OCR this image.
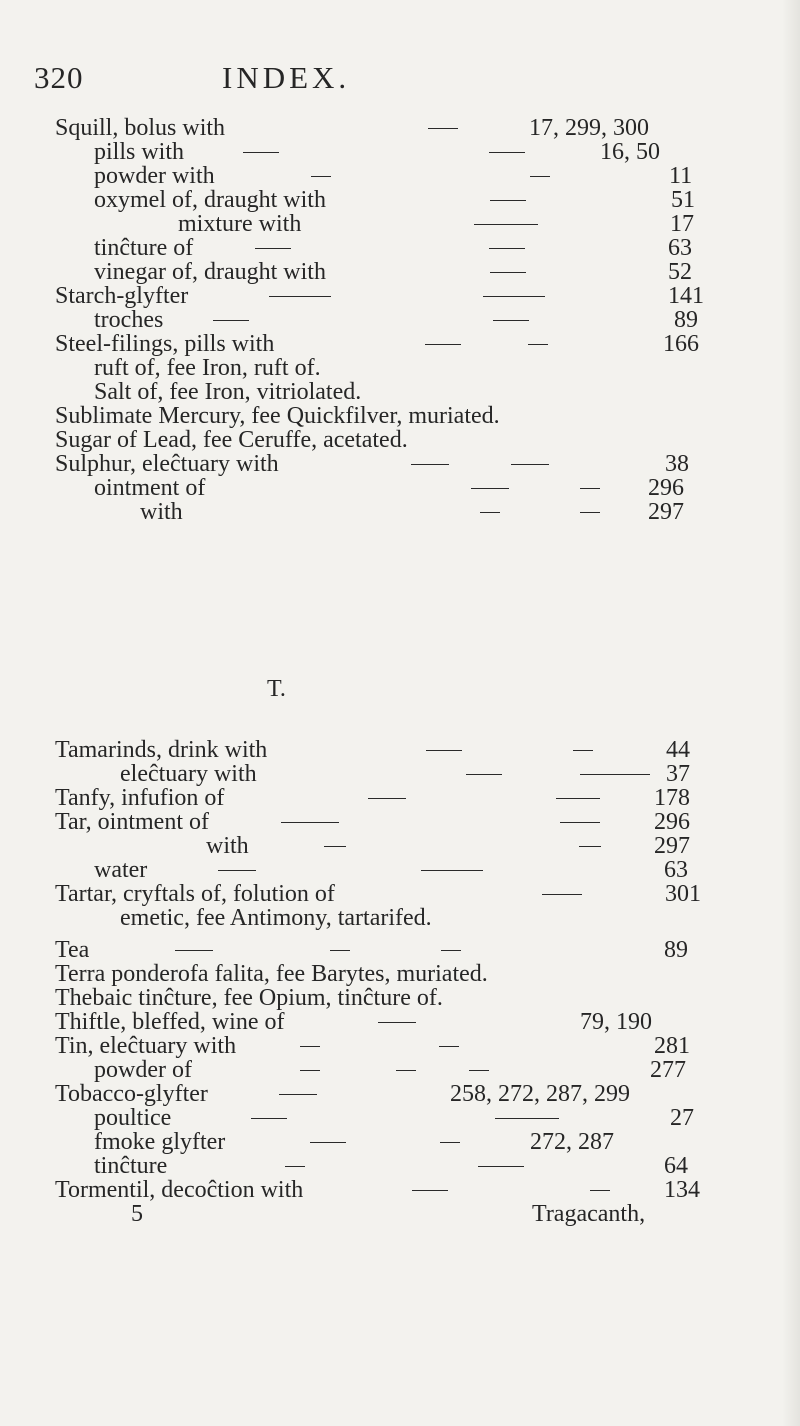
320	INDEX.
Squill, bolus with	17, 299, 300
pills with	16, 50
powder with	11
oxymel of, draught with	51
mixture with	17
tinĉture of	63
vinegar of, draught with	52
Starch-glyfter	141
troches	89
Steel-filings, pills with	166
ruft of, fee Iron, ruft of.
Salt of, fee Iron, vitriolated.
Sublimate Mercury, fee Quickfilver, muriated.
Sugar of Lead, fee Ceruffe, acetated.
Sulphur, eleĉtuary with	38
ointment of	296
with	297
T.
Tamarinds, drink with	44
eleĉtuary with	37
Tanfy, infufion of	178
Tar, ointment of	296
with	297
water	63
Tartar, cryftals of, folution of	301
emetic, fee Antimony, tartarifed.
Tea	89
Terra ponderofa falita, fee Barytes, muriated.
Thebaic tinĉture, fee Opium, tinĉture of.
Thiftle, bleffed, wine of	79, 190
Tin, eleĉtuary with	281
powder of	277
Tobacco-glyfter	258, 272, 287, 299
poultice	27
fmoke glyfter	272, 287
tinĉture	64
Tormentil, decoĉtion with	134
5	Tragacanth,
